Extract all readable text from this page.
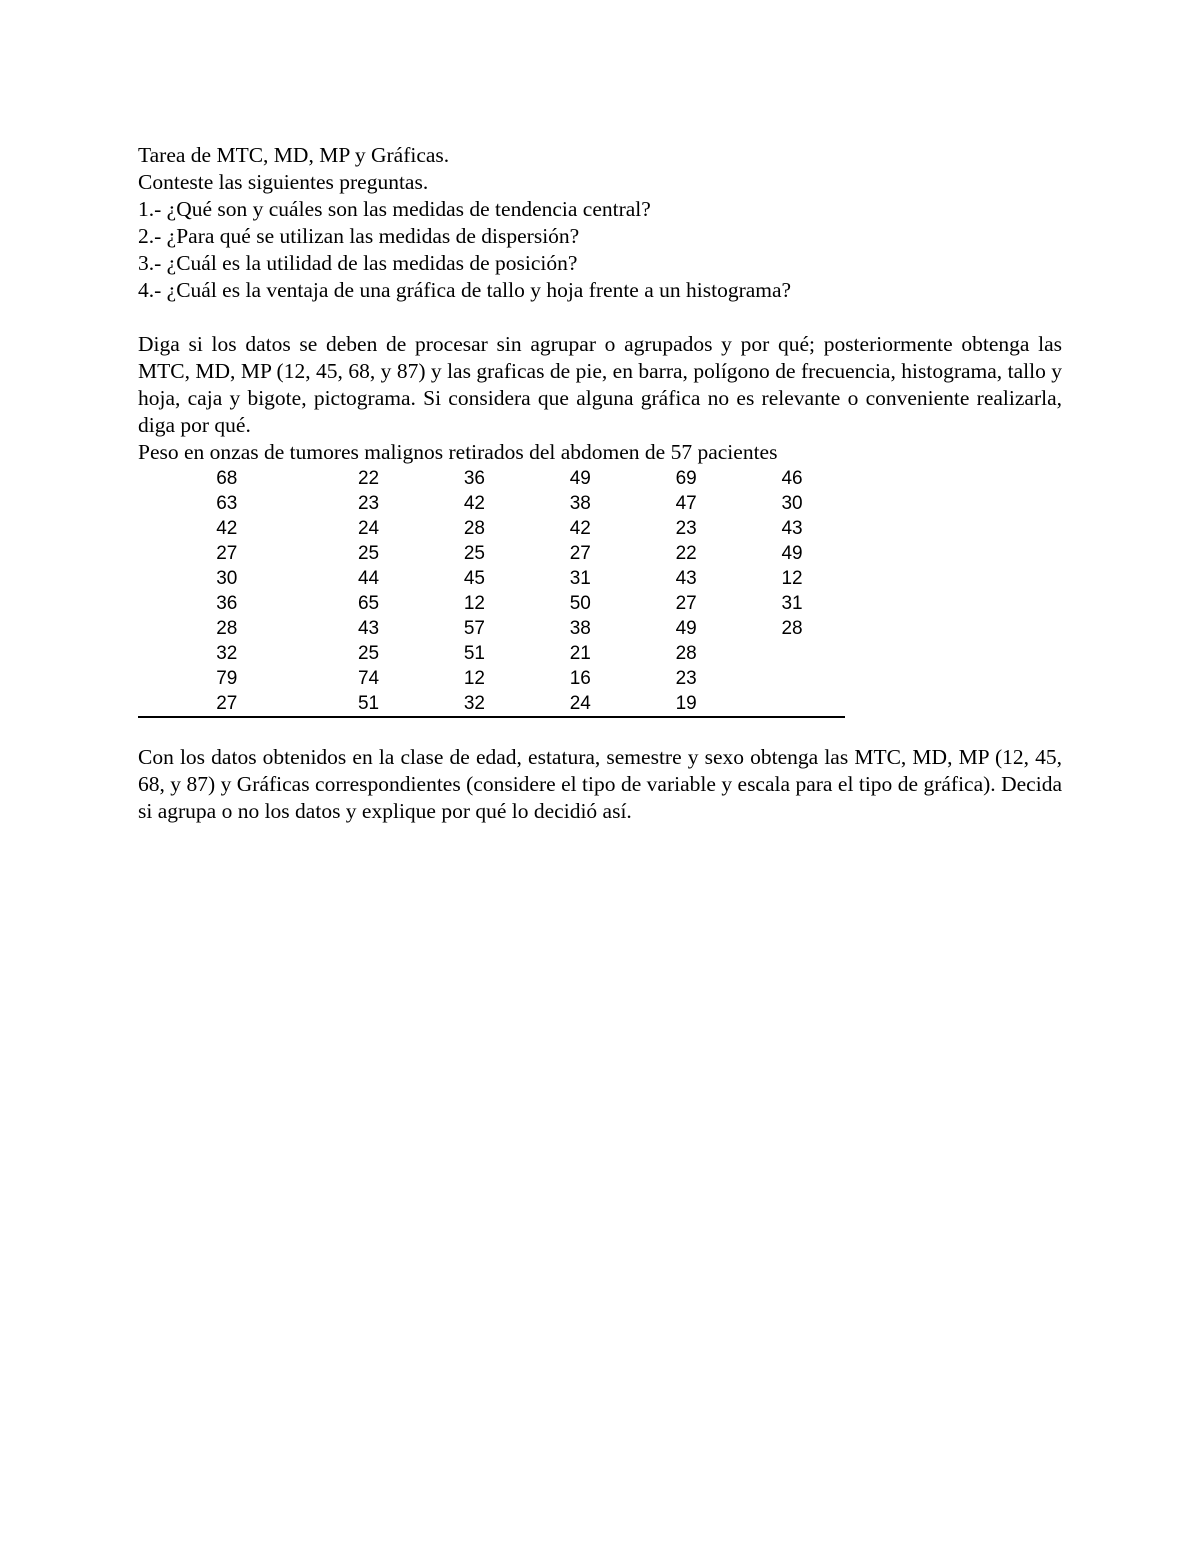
Tarea de MTC, MD, MP y Gráficas.
Conteste las siguientes preguntas.
1.- ¿Qué son y cuáles son las medidas de tendencia central?
2.- ¿Para qué se utilizan las medidas de dispersión?
3.- ¿Cuál es la utilidad de las medidas de posición?
4.- ¿Cuál es la ventaja de una gráfica de tallo y hoja frente a un histograma?
Diga si los datos se deben de procesar sin agrupar o agrupados y por qué; posteriormente obtenga las MTC, MD, MP (12, 45, 68, y 87) y las graficas de pie, en barra, polígono de frecuencia, histograma, tallo y hoja, caja y bigote, pictograma. Si considera que alguna gráfica no es relevante o conveniente realizarla, diga por qué.
Peso en onzas de tumores malignos retirados del abdomen de 57 pacientes
68	22	36	49	69	46
63	23	42	38	47	30
42	24	28	42	23	43
27	25	25	27	22	49
30	44	45	31	43	12
36	65	12	50	27	31
28	43	57	38	49	28
32	25	51	21	28	
79	74	12	16	23	
27	51	32	24	19	
Con los datos obtenidos en la clase de edad, estatura, semestre y sexo obtenga las MTC, MD, MP (12, 45, 68, y 87) y Gráficas correspondientes (considere el tipo de variable y escala para el tipo de gráfica). Decida si agrupa o no los datos y explique por qué lo decidió así.
